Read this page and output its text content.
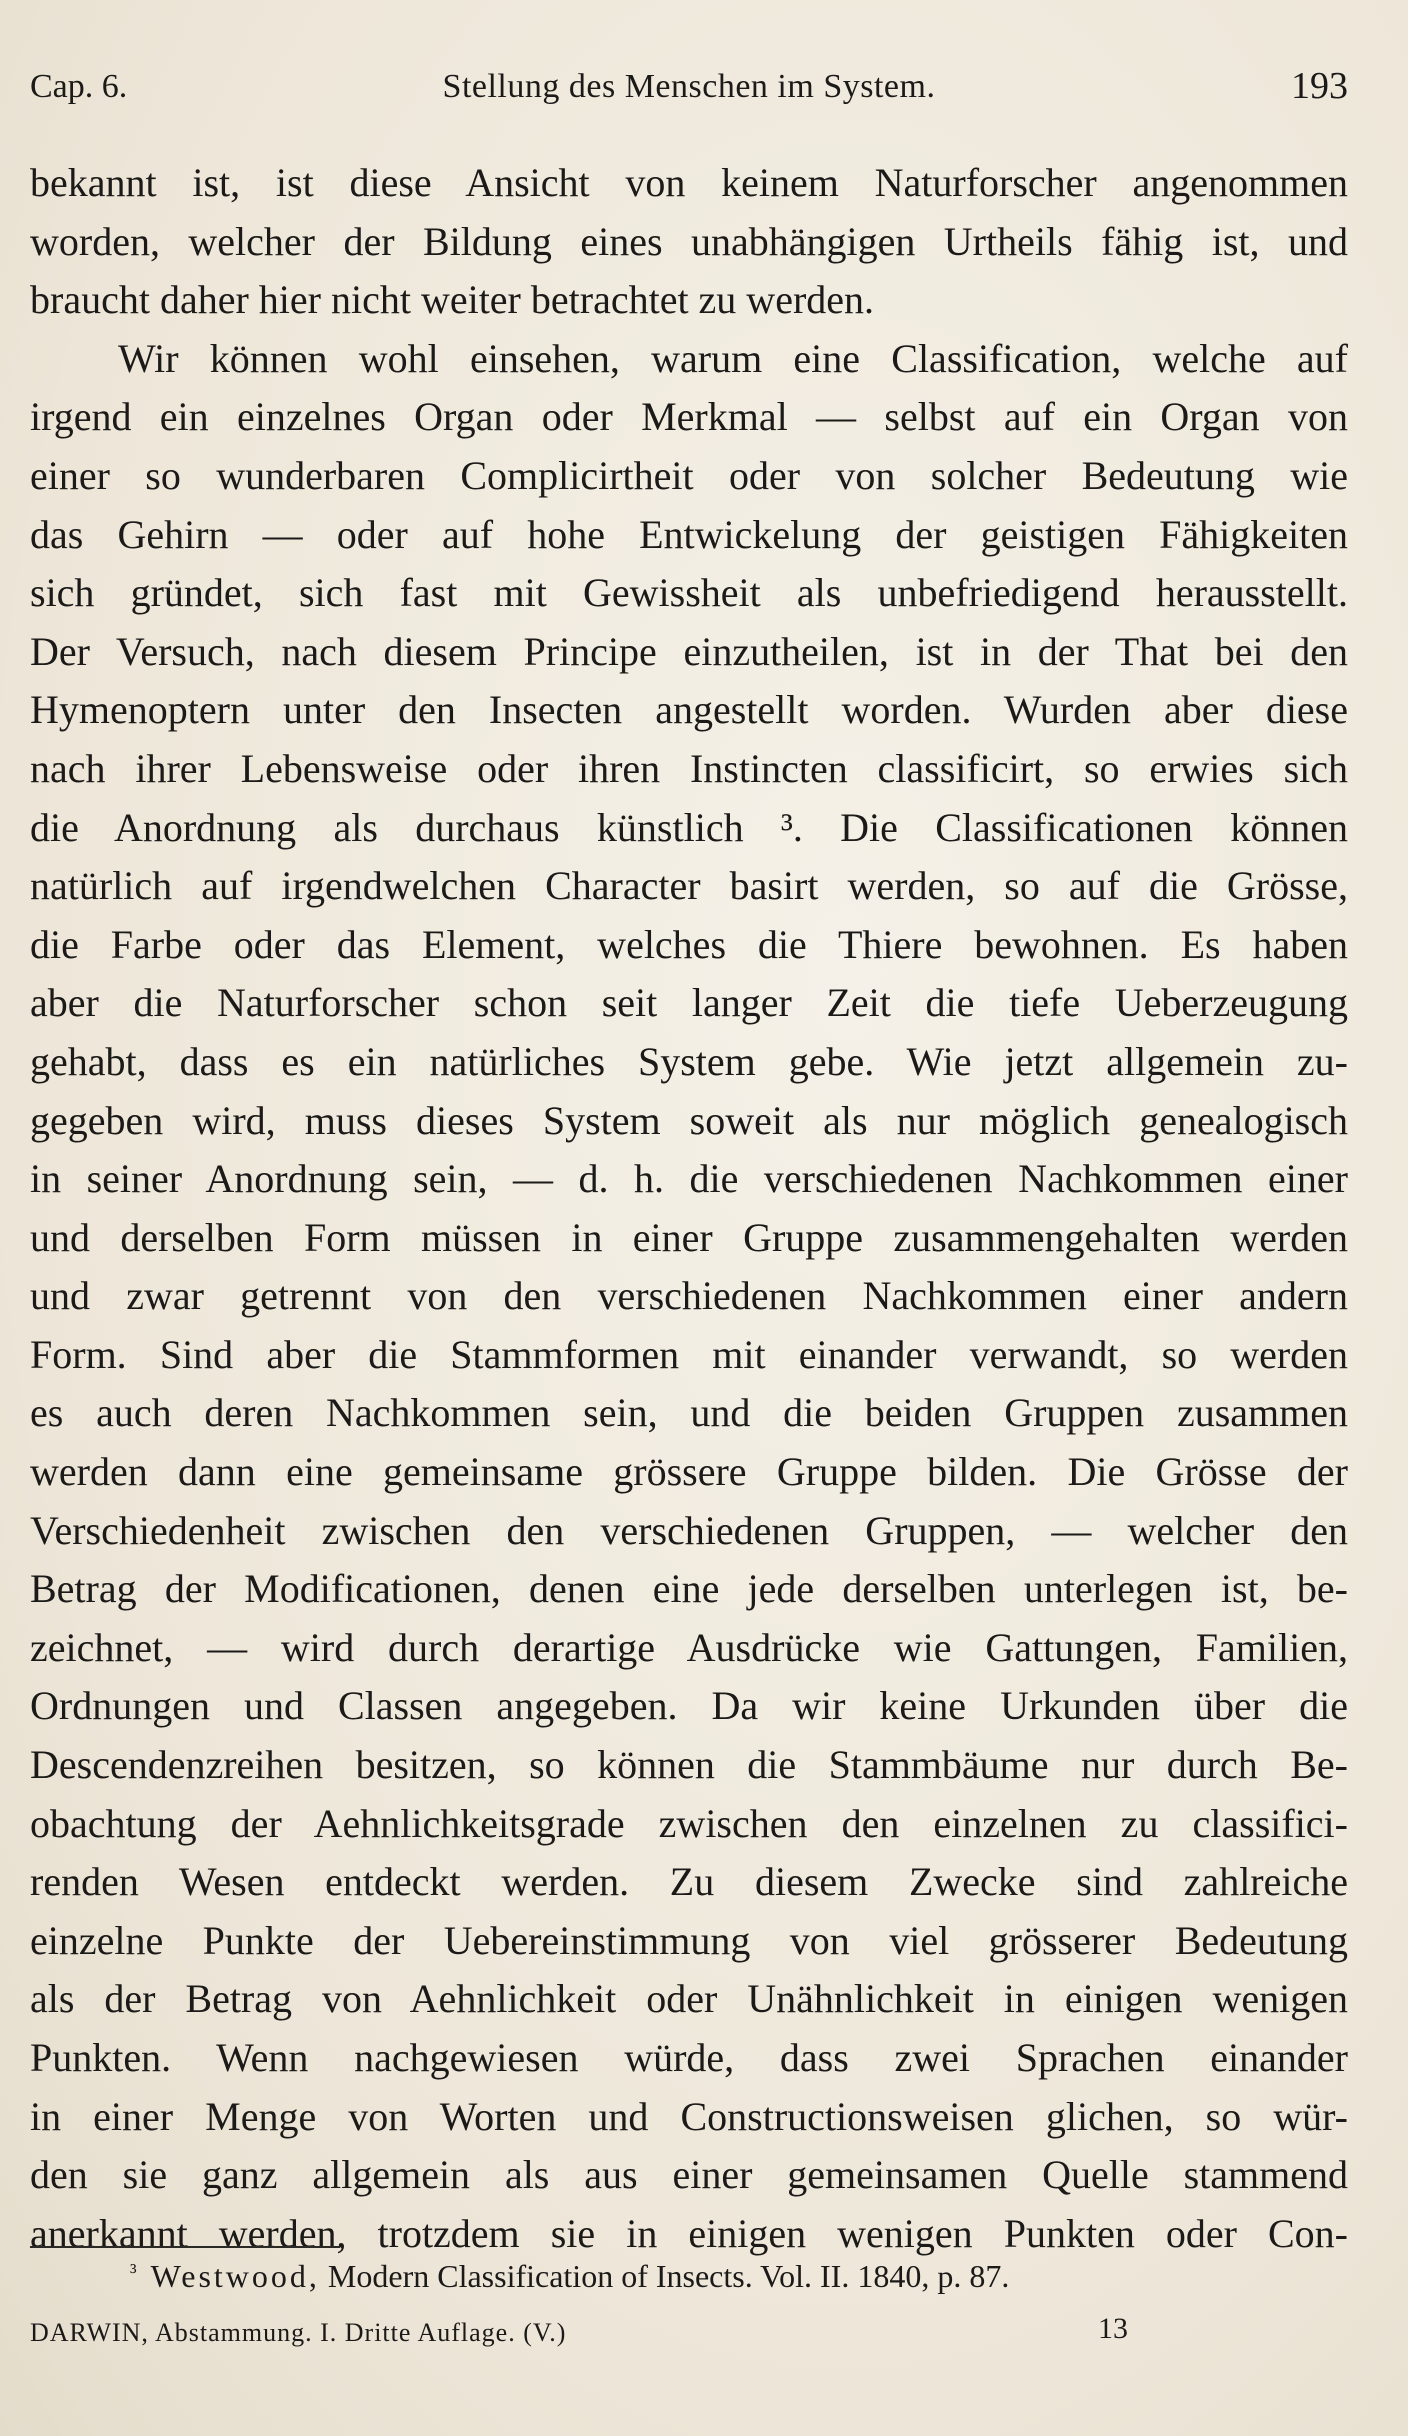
Cap. 6.	Stellung des Menschen im System.	193
bekannt ist, ist diese Ansicht von keinem Naturforscher angenommen
worden, welcher der Bildung eines unabhängigen Urtheils fähig ist, und
braucht daher hier nicht weiter betrachtet zu werden.
Wir können wohl einsehen, warum eine Classification, welche auf
irgend ein einzelnes Organ oder Merkmal — selbst auf ein Organ von
einer so wunderbaren Complicirtheit oder von solcher Bedeutung wie
das Gehirn — oder auf hohe Entwickelung der geistigen Fähigkeiten
sich gründet, sich fast mit Gewissheit als unbefriedigend herausstellt.
Der Versuch, nach diesem Principe einzutheilen, ist in der That bei den
Hymenoptern unter den Insecten angestellt worden. Wurden aber diese
nach ihrer Lebensweise oder ihren Instincten classificirt, so erwies sich
die Anordnung als durchaus künstlich ³. Die Classificationen können
natürlich auf irgendwelchen Character basirt werden, so auf die Grösse,
die Farbe oder das Element, welches die Thiere bewohnen. Es haben
aber die Naturforscher schon seit langer Zeit die tiefe Ueberzeugung
gehabt, dass es ein natürliches System gebe. Wie jetzt allgemein zu-
gegeben wird, muss dieses System soweit als nur möglich genealogisch
in seiner Anordnung sein, — d. h. die verschiedenen Nachkommen einer
und derselben Form müssen in einer Gruppe zusammengehalten werden
und zwar getrennt von den verschiedenen Nachkommen einer andern
Form. Sind aber die Stammformen mit einander verwandt, so werden
es auch deren Nachkommen sein, und die beiden Gruppen zusammen
werden dann eine gemeinsame grössere Gruppe bilden. Die Grösse der
Verschiedenheit zwischen den verschiedenen Gruppen, — welcher den
Betrag der Modificationen, denen eine jede derselben unterlegen ist, be-
zeichnet, — wird durch derartige Ausdrücke wie Gattungen, Familien,
Ordnungen und Classen angegeben. Da wir keine Urkunden über die
Descendenzreihen besitzen, so können die Stammbäume nur durch Be-
obachtung der Aehnlichkeitsgrade zwischen den einzelnen zu classifici-
renden Wesen entdeckt werden. Zu diesem Zwecke sind zahlreiche
einzelne Punkte der Uebereinstimmung von viel grösserer Bedeutung
als der Betrag von Aehnlichkeit oder Unähnlichkeit in einigen wenigen
Punkten. Wenn nachgewiesen würde, dass zwei Sprachen einander
in einer Menge von Worten und Constructionsweisen glichen, so wür-
den sie ganz allgemein als aus einer gemeinsamen Quelle stammend
anerkannt werden, trotzdem sie in einigen wenigen Punkten oder Con-
$^{^3}$ Westwood, Modern Classification of Insects. Vol. II. 1840, p. 87.
DARWIN, Abstammung. I. Dritte Auflage. (V.)	13
